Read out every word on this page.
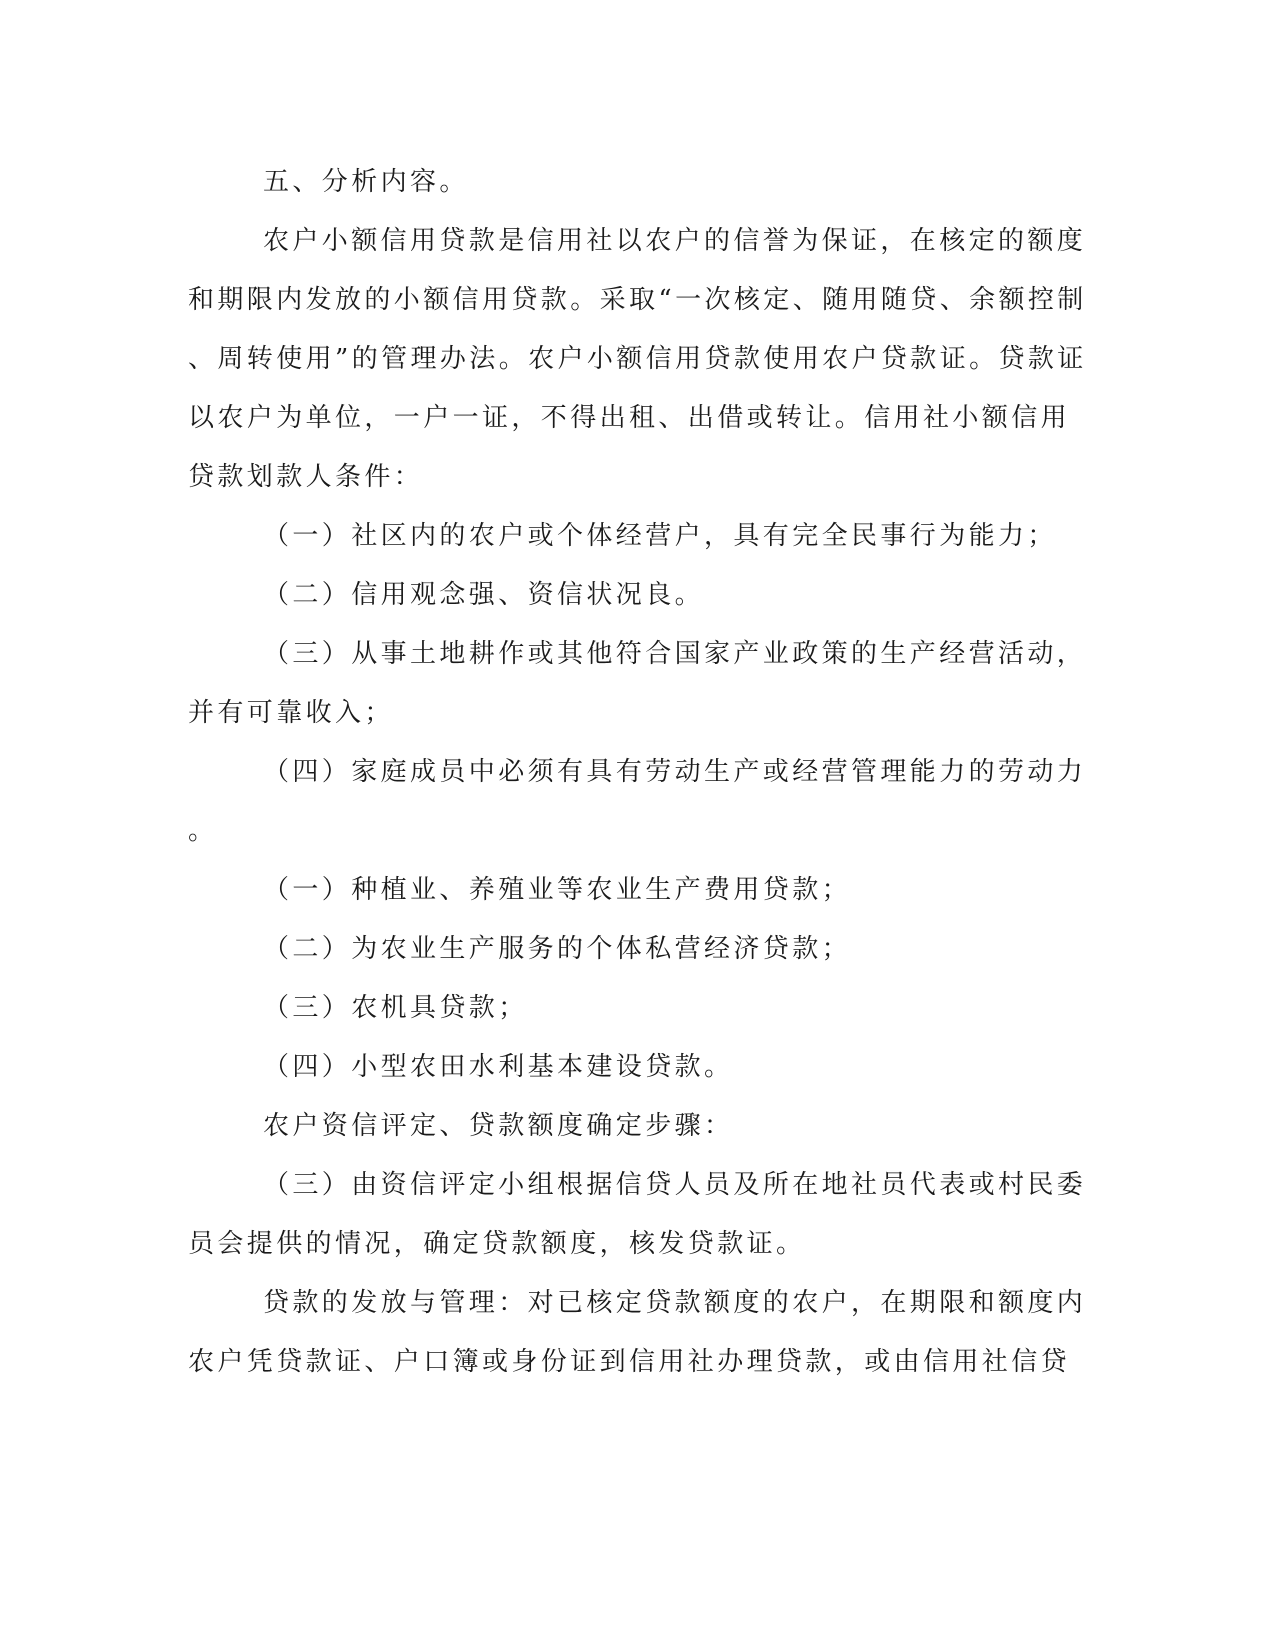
五、分析内容。

农户小额信用贷款是信用社以农户的信誉为保证，在核定的额度

和期限内发放的小额信用贷款。采取“一次核定、随用随贷、余额控制

、周转使用”的管理办法。农户小额信用贷款使用农户贷款证。贷款证

以农户为单位，一户一证，不得出租、出借或转让。信用社小额信用

贷款划款人条件：

（一）社区内的农户或个体经营户，具有完全民事行为能力；

（二）信用观念强、资信状况良。

（三）从事土地耕作或其他符合国家产业政策的生产经营活动，

并有可靠收入；

（四）家庭成员中必须有具有劳动生产或经营管理能力的劳动力

。

（一）种植业、养殖业等农业生产费用贷款；

（二）为农业生产服务的个体私营经济贷款；

（三）农机具贷款；

（四）小型农田水利基本建设贷款。

农户资信评定、贷款额度确定步骤：

（三）由资信评定小组根据信贷人员及所在地社员代表或村民委

员会提供的情况，确定贷款额度，核发贷款证。

贷款的发放与管理：对已核定贷款额度的农户，在期限和额度内

农户凭贷款证、户口簿或身份证到信用社办理贷款，或由信用社信贷
